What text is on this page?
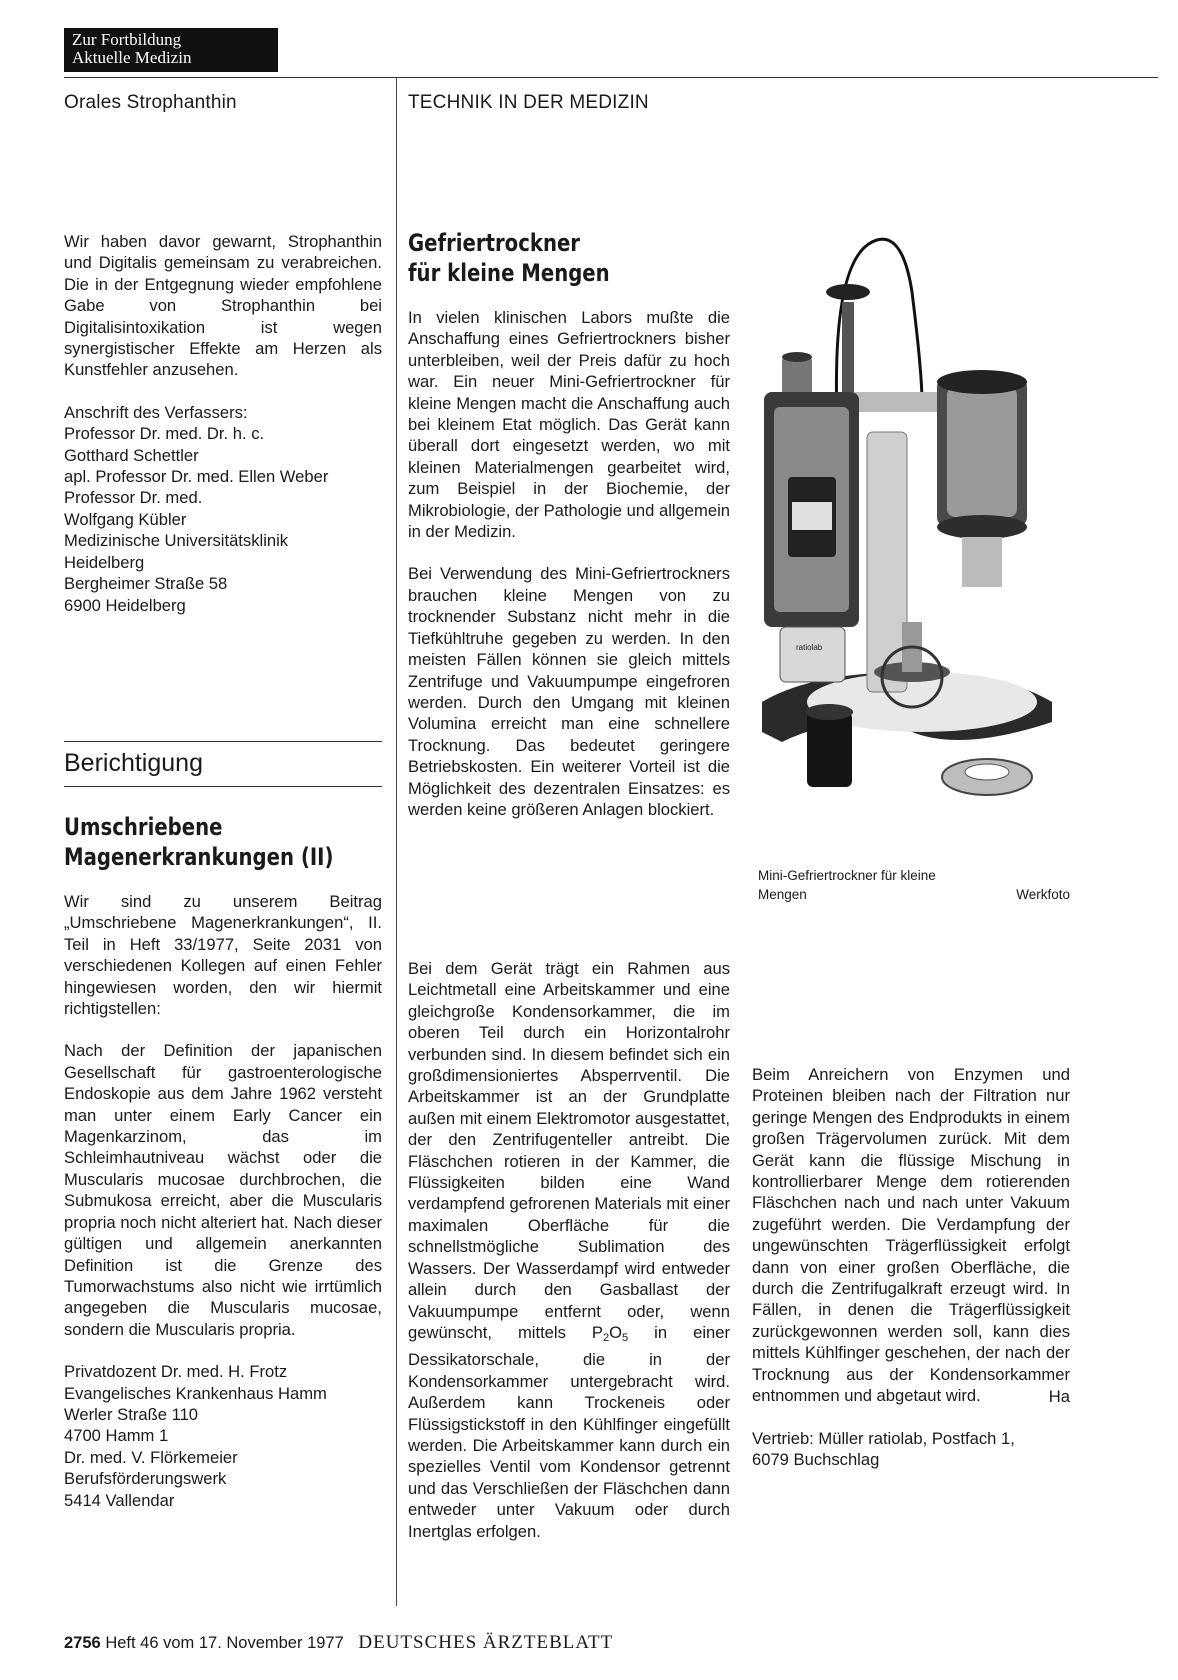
Zur Fortbildung
Aktuelle Medizin
Orales Strophanthin	TECHNIK IN DER MEDIZIN

Wir haben davor gewarnt, Strophanthin und Digitalis gemeinsam zu verabreichen. Die in der Entgegnung wieder empfohlene Gabe von Strophanthin bei Digitalisintoxikation ist wegen synergistischer Effekte am Herzen als Kunstfehler anzusehen.

Anschrift des Verfassers:
Professor Dr. med. Dr. h. c.
Gotthard Schettler
apl. Professor Dr. med. Ellen Weber
Professor Dr. med.
Wolfgang Kübler
Medizinische Universitätsklinik
Heidelberg
Bergheimer Straße 58
6900 Heidelberg
Berichtigung
Umschriebene
Magenerkrankungen (II)

Wir sind zu unserem Beitrag „Umschriebene Magenerkrankungen“, II. Teil in Heft 33/1977, Seite 2031 von verschiedenen Kollegen auf einen Fehler hingewiesen worden, den wir hiermit richtigstellen:

Nach der Definition der japanischen Gesellschaft für gastroenterologische Endoskopie aus dem Jahre 1962 versteht man unter einem Early Cancer ein Magenkarzinom, das im Schleimhautniveau wächst oder die Muscularis mucosae durchbrochen, die Submukosa erreicht, aber die Muscularis propria noch nicht alteriert hat. Nach dieser gültigen und allgemein anerkannten Definition ist die Grenze des Tumorwachstums also nicht wie irrtümlich angegeben die Muscularis mucosae, sondern die Muscularis propria.

Privatdozent Dr. med. H. Frotz
Evangelisches Krankenhaus Hamm
Werler Straße 110
4700 Hamm 1
Dr. med. V. Flörkemeier
Berufsförderungswerk
5414 Vallendar
Gefriertrockner
für kleine Mengen

In vielen klinischen Labors mußte die Anschaffung eines Gefriertrockners bisher unterbleiben, weil der Preis dafür zu hoch war. Ein neuer Mini-Gefriertrockner für kleine Mengen macht die Anschaffung auch bei kleinem Etat möglich. Das Gerät kann überall dort eingesetzt werden, wo mit kleinen Materialmengen gearbeitet wird, zum Beispiel in der Biochemie, der Mikrobiologie, der Pathologie und allgemein in der Medizin.

Bei Verwendung des Mini-Gefriertrockners brauchen kleine Mengen von zu trocknender Substanz nicht mehr in die Tiefkühltruhe gegeben zu werden. In den meisten Fällen können sie gleich mittels Zentrifuge und Vakuumpumpe eingefroren werden. Durch den Umgang mit kleinen Volumina erreicht man eine schnellere Trocknung. Das bedeutet geringere Betriebskosten. Ein weiterer Vorteil ist die Möglichkeit des dezentralen Einsatzes: es werden keine größeren Anlagen blockiert.

ratiolab
Mini-Gefriertrockner für kleine
Mengen	Werkfoto
Bei dem Gerät trägt ein Rahmen aus Leichtmetall eine Arbeitskammer und eine gleichgroße Kondensorkammer, die im oberen Teil durch ein Horizontalrohr verbunden sind. In diesem befindet sich ein großdimensioniertes Absperrventil. Die Arbeitskammer ist an der Grundplatte außen mit einem Elektromotor ausgestattet, der den Zentrifugenteller antreibt. Die Fläschchen rotieren in der Kammer, die Flüssigkeiten bilden eine Wand verdampfend gefrorenen Materials mit einer maximalen Oberfläche für die schnellstmögliche Sublimation des Wassers. Der Wasserdampf wird entweder allein durch den Gasballast der Vakuumpumpe entfernt oder, wenn gewünscht, mittels $P_2O_5$ in einer Dessikatorschale, die in der Kondensorkammer untergebracht wird. Außerdem kann Trockeneis oder Flüssigstickstoff in den Kühlfinger eingefüllt werden. Die Arbeitskammer kann durch ein spezielles Ventil vom Kondensor getrennt und das Verschließen der Fläschchen dann entweder unter Vakuum oder durch Inertglas erfolgen.

Beim Anreichern von Enzymen und Proteinen bleiben nach der Filtration nur geringe Mengen des Endprodukts in einem großen Trägervolumen zurück. Mit dem Gerät kann die flüssige Mischung in kontrollierbarer Menge dem rotierenden Fläschchen nach und nach unter Vakuum zugeführt werden. Die Verdampfung der ungewünschten Trägerflüssigkeit erfolgt dann von einer großen Oberfläche, die durch die Zentrifugalkraft erzeugt wird. In Fällen, in denen die Trägerflüssigkeit zurückgewonnen werden soll, kann dies mittels Kühlfinger geschehen, der nach der Trocknung aus der Kondensorkammer entnommen und abgetaut wird.	Ha
Vertrieb: Müller ratiolab, Postfach 1,
6079 Buchschlag
2756 Heft 46 vom 17. November 1977 DEUTSCHES ÄRZTEBLATT
